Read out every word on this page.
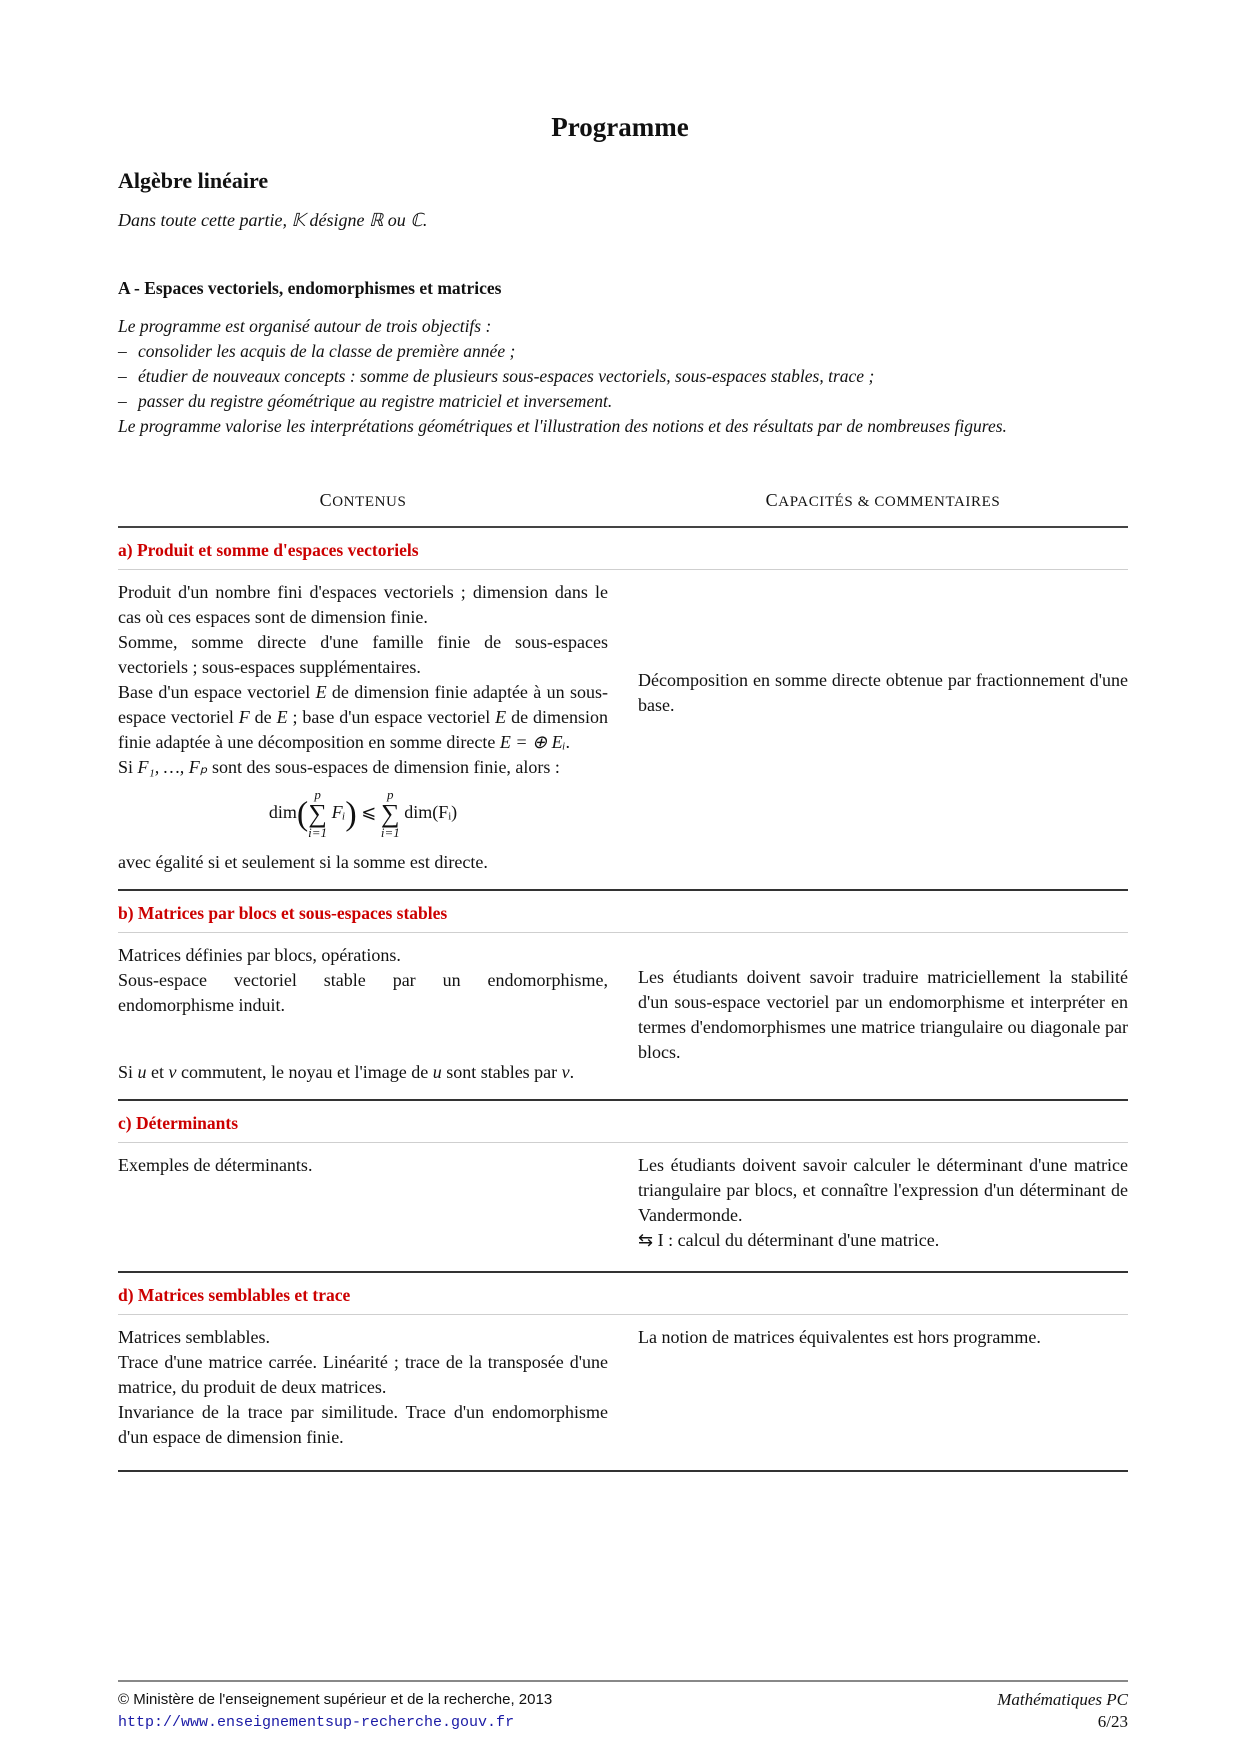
Programme
Algèbre linéaire
Dans toute cette partie, 𝕂 désigne ℝ ou ℂ.
A - Espaces vectoriels, endomorphismes et matrices
Le programme est organisé autour de trois objectifs :
– consolider les acquis de la classe de première année ;
– étudier de nouveaux concepts : somme de plusieurs sous-espaces vectoriels, sous-espaces stables, trace ;
– passer du registre géométrique au registre matriciel et inversement.
Le programme valorise les interprétations géométriques et l'illustration des notions et des résultats par de nombreuses figures.
CONTENUS	CAPACITÉS & COMMENTAIRES
a) Produit et somme d'espaces vectoriels

Produit d'un nombre fini d'espaces vectoriels ; dimension dans le cas où ces espaces sont de dimension finie.

Somme, somme directe d'une famille finie de sous-espaces vectoriels ; sous-espaces supplémentaires.

Base d'un espace vectoriel E de dimension finie adaptée à un sous-espace vectoriel F de E ; base d'un espace vectoriel E de dimension finie adaptée à une décomposition en somme directe E = ⊕ Eᵢ.

Si F₁, …, Fₚ sont des sous-espaces de dimension finie, alors :

dim(
p
∑
i=1
Fᵢ) ⩽
p
∑
i=1
dim(Fᵢ)

avec égalité si et seulement si la somme est directe.

Décomposition en somme directe obtenue par fractionnement d'une base.

b) Matrices par blocs et sous-espaces stables

Matrices définies par blocs, opérations.

Sous-espace vectoriel stable par un endomorphisme, endomorphisme induit.

Si u et v commutent, le noyau et l'image de u sont stables par v.

Les étudiants doivent savoir traduire matriciellement la stabilité d'un sous-espace vectoriel par un endomorphisme et interpréter en termes d'endomorphismes une matrice triangulaire ou diagonale par blocs.

c) Déterminants

Exemples de déterminants.	Les étudiants doivent savoir calculer le déterminant d'une matrice triangulaire par blocs, et connaître l'expression d'un déterminant de Vandermonde.

⇆ I : calcul du déterminant d'une matrice.

d) Matrices semblables et trace

Matrices semblables.

Trace d'une matrice carrée. Linéarité ; trace de la transposée d'une matrice, du produit de deux matrices.

Invariance de la trace par similitude. Trace d'un endomorphisme d'un espace de dimension finie.

La notion de matrices équivalentes est hors programme.

© Ministère de l'enseignement supérieur et de la recherche, 2013
http://www.enseignementsup-recherche.gouv.fr
Mathématiques PC
6/23
